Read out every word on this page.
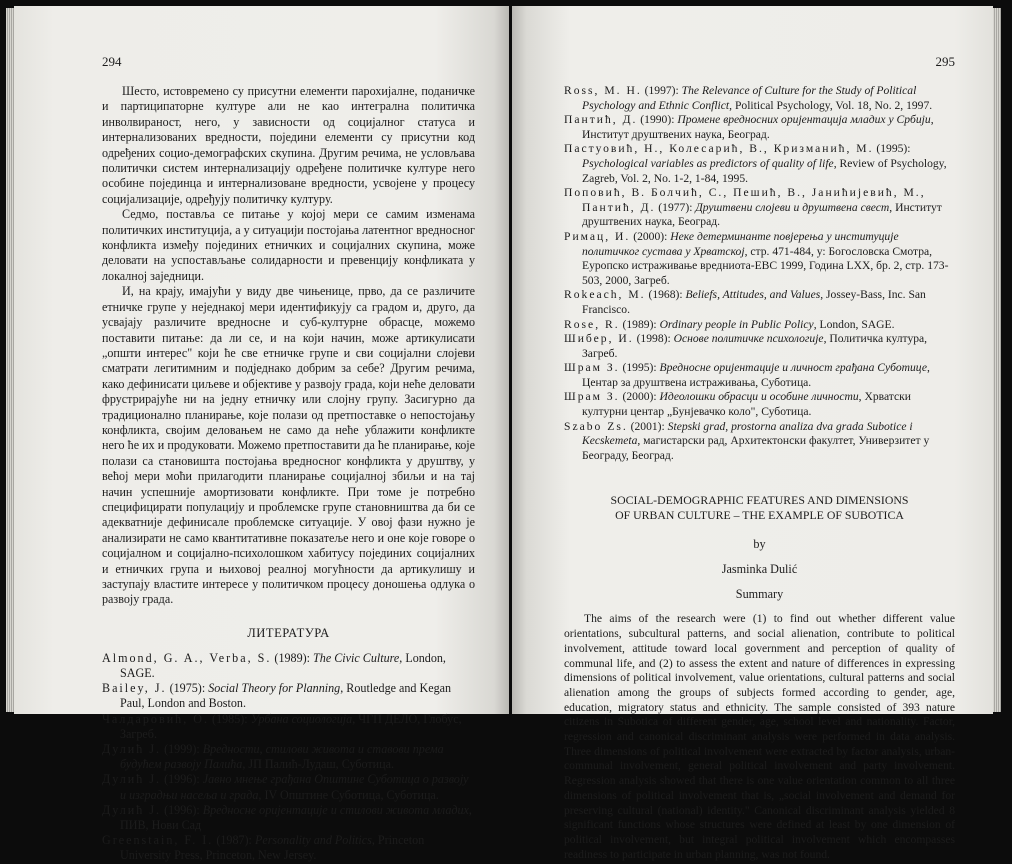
294

Шесто, истовремено су присутни елементи парохијалне, поданичке и партиципаторне културе али не као интегрална политичка инволвираност, него, у зависности од социјалног статуса и интернализованих вредности, поједини елементи су присутни код одређених социо-демографских скупина. Другим речима, не условљава политички систем интернализацију одређене политичке културе него особине појединца и интернализоване вредности, усвојене у процесу социјализације, одређују политичку културу.

Седмо, постављa се питање у којој мери се самим изменама политичких институција, а у ситуацији постојања латентног вредносног конфликта између појединих етничких и социјалних скупина, може деловати на успостављање солидарности и превенцију конфликата у локалној заједници.

И, на крају, имајући у виду две чињенице, прво, да се различите етничке групе у неједнакој мери идентификују са градом и, друго, да усвајају различите вредносне и суб-културне обрасце, можемо поставити питање: да ли се, и на који начин, може артикулисати „општи интерес" који ће све етничке групе и сви социјални слојеви сматрати легитимним и подједнако добрим за себе? Другим речима, како дефинисати циљеве и објективе у развоју града, који неће деловати фрустрирајуће ни на једну етничку или слојну групу. Засигурно да традиционално планирање, које полази од претпоставке о непостојању конфликта, својим деловањем не само да неће ублажити конфликте него ће их и продуковати. Можемо претпоставити да ће планирање, које полази са становишта постојања вредносног конфликта у друштву, у већој мери моћи прилагодити планирање социјалној збиљи и на тај начин успешније амортизовати конфликте. При томе је потребно специфицирати популацију и проблемске групе становништва да би се адекватније дефинисале проблемске ситуације. У овој фази нужно је анализирати не само квантитативне показатеље него и оне које говоре о социјалном и социјално-психолошком хабитусу појединих социјалних и етничких група и њиховој реалној могућности да артикулишу и заступају властите интересе у политичком процесу доношења одлука о развоју града.

ЛИТЕРАТУРА

Almond, G. A., Verba, S. (1989): The Civic Culture, London, SAGE.

Bailey, J. (1975): Social Theory for Planning, Routledge and Kegan Paul, London and Boston.

Чалдаровић, О. (1985): Урбана социологија, ЧГП ДЕЛО, Глобус, Загреб.

Дулић Ј. (1999): Вредности, стилови живота и ставови према будућем развоју Палића, ЈП Палић-Лудаш, Суботица.

Дулић Ј. (1996): Јавно мнење грађана Општине Суботица о развоју и изградњи насеља и града, IV Општине Суботица, Суботица.

Дулић Ј. (1996): Вредносне оријентације и стилови живота младих, ПИВ, Нови Сад

Greenstain, F. I. (1987): Personality and Politics, Princeton University Press, Princeton, New Jersey.

295

Ross, M. H. (1997): The Relevance of Culture for the Study of Political Psychology and Ethnic Conflict, Political Psychology, Vol. 18, No. 2, 1997.

Пантић, Д. (1990): Промене вредносних оријентација младих у Србији, Институт друштвених наука, Београд.

Пастуовић, Н., Колесарић, В., Кризманић, М. (1995): Psychological variables as predictors of quality of life, Review of Psychology, Zagreb, Vol. 2, No. 1-2, 1-84, 1995.

Поповић, В. Болчић, С., Пешић, В., Јанићијевић, М., Пантић, Д. (1977): Друштвени слојеви и друштвена свест, Институт друштвених наука, Београд.

Римац, И. (2000): Неке детерминанте повјерења у институције политичког сустава у Хрватској, стр. 471-484, у: Богословска Смотра, Еуропско истраживање вредниота-ЕВС 1999, Година LXX, бр. 2, стр. 173-503, 2000, Загреб.

Rokeach, M. (1968): Beliefs, Attitudes, and Values, Jossey-Bass, Inc. San Francisco.

Rose, R. (1989): Ordinary people in Public Policy, London, SAGE.

Шибер, И. (1998): Основе политичке психологије, Политичка култура, Загреб.

Шрам З. (1995): Вредносне оријентације и личност грађана Суботице, Центар за друштвена истраживања, Суботица.

Шрам З. (2000): Идеолошки обрасци и особине личности, Хрватски културни центар „Бунјевачко коло", Суботица.

Szabo Zs. (2001): Stepski grad, prostorna analiza dva grada Subotice i Kecskemeta, магистарски рад, Архитектонски факултет, Универзитет у Београду, Београд.

SOCIAL-DEMOGRAPHIC FEATURES AND DIMENSIONS
OF URBAN CULTURE – THE EXAMPLE OF SUBOTICA
by
Jasminka Dulić
Summary

The aims of the research were (1) to find out whether different value orientations, subcultural patterns, and social alienation, contribute to political involvement, attitude toward local government and perception of quality of communal life, and (2) to assess the extent and nature of differences in expressing dimensions of political involvement, value orientations, cultural patterns and social alienation among the groups of subjects formed according to gender, age, education, migratory status and ethnicity. The sample consisted of 393 nature citizens in Subotica of different gender, age, school level and nationality. Factor, regression and canonical discriminant analysis were performed in data analysis. Three dimensions of political involvement were extracted by factor analysis, urban-communal involvement, general political involvement and party involvement. Regression analysis showed that there is one value orientation common to all three dimensions of political involvement that is, „social involvement and demand for preserving cultural (national) identity." Canonical discriminant analysis yielded 8 significant functions whose structures were defined at least by one dimension of political involvement, but integral political involvement which encompasses readiness to participate in urban planning, was not found.
